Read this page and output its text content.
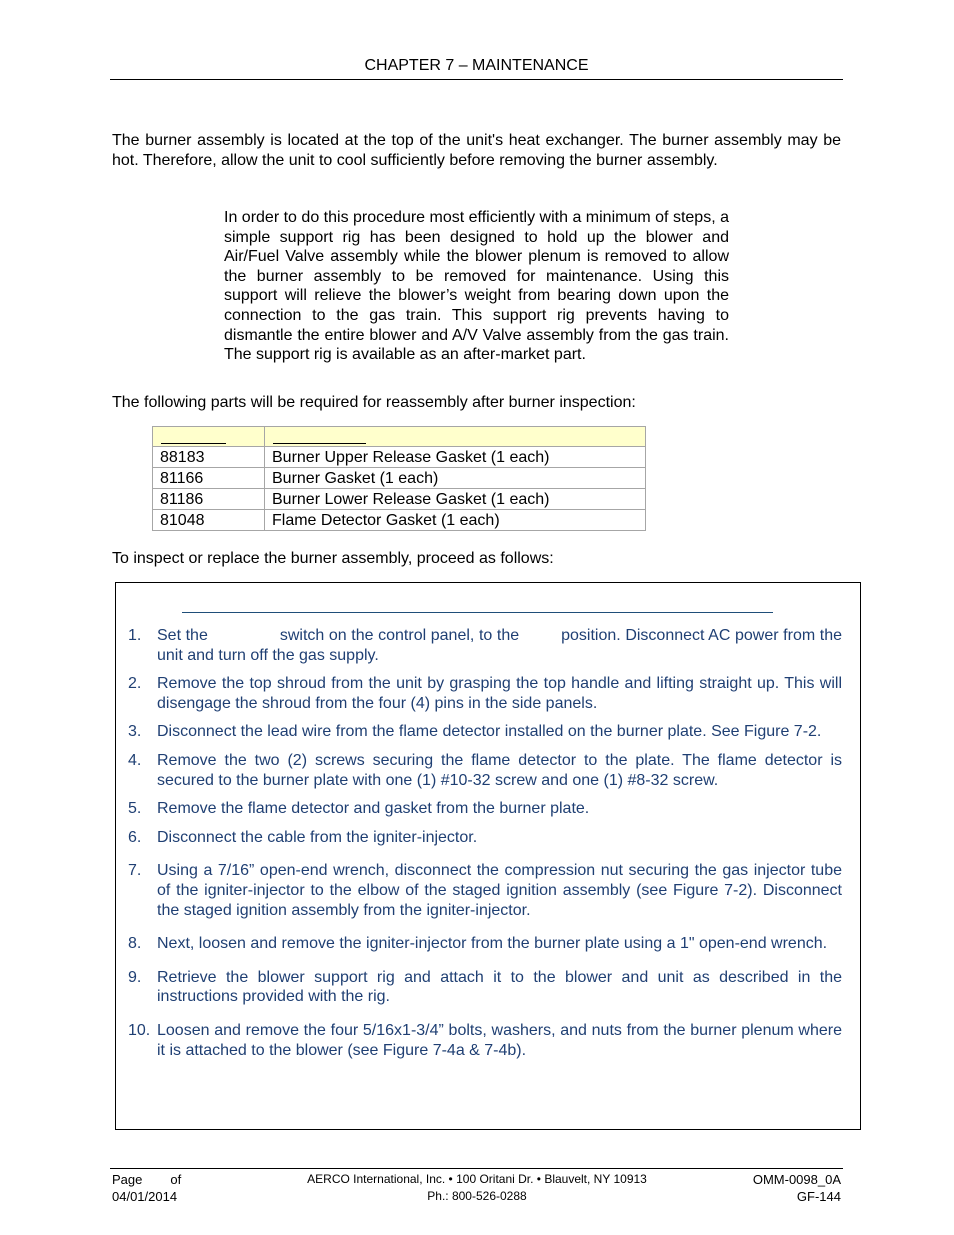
CHAPTER 7 – MAINTENANCE

The burner assembly is located at the top of the unit's heat exchanger. The burner assembly may be hot. Therefore, allow the unit to cool sufficiently before removing the burner assembly.

In order to do this procedure most efficiently with a minimum of steps, a simple support rig has been designed to hold up the blower and Air/Fuel Valve assembly while the blower plenum is removed to allow the burner assembly to be removed for maintenance. Using this support will relieve the blower’s weight from bearing down upon the connection to the gas train. This support rig prevents having to dismantle the entire blower and A/V Valve assembly from the gas train. The support rig is available as an after-market part.

The following parts will be required for reassembly after burner inspection:

88183	Burner Upper Release Gasket (1 each)
81166	Burner Gasket (1 each)
81186	Burner Lower Release Gasket (1 each)
81048	Flame Detector Gasket (1 each)
To inspect or replace the burner assembly, proceed as follows:
1. Set the	switch on the control panel, to the	position. Disconnect AC power from the unit and turn off the gas supply.
2. Remove the top shroud from the unit by grasping the top handle and lifting straight up. This will disengage the shroud from the four (4) pins in the side panels.
3. Disconnect the lead wire from the flame detector installed on the burner plate. See Figure 7-2.
4. Remove the two (2) screws securing the flame detector to the plate. The flame detector is secured to the burner plate with one (1) #10-32 screw and one (1) #8-32 screw.
5. Remove the flame detector and gasket from the burner plate.
6. Disconnect the cable from the igniter-injector.
7. Using a 7/16” open-end wrench, disconnect the compression nut securing the gas injector tube of the igniter-injector to the elbow of the staged ignition assembly (see Figure 7-2). Disconnect the staged ignition assembly from the igniter-injector.
8. Next, loosen and remove the igniter-injector from the burner plate using a 1" open-end wrench.
9. Retrieve the blower support rig and attach it to the blower and unit as described in the instructions provided with the rig.
10. Loosen and remove the four 5/16x1-3/4” bolts, washers, and nuts from the burner plenum where it is attached to the blower (see Figure 7-4a & 7-4b).
Page of
04/01/2014
AERCO International, Inc. • 100 Oritani Dr. • Blauvelt, NY 10913
Ph.: 800-526-0288
OMM-0098_0A
GF-144
